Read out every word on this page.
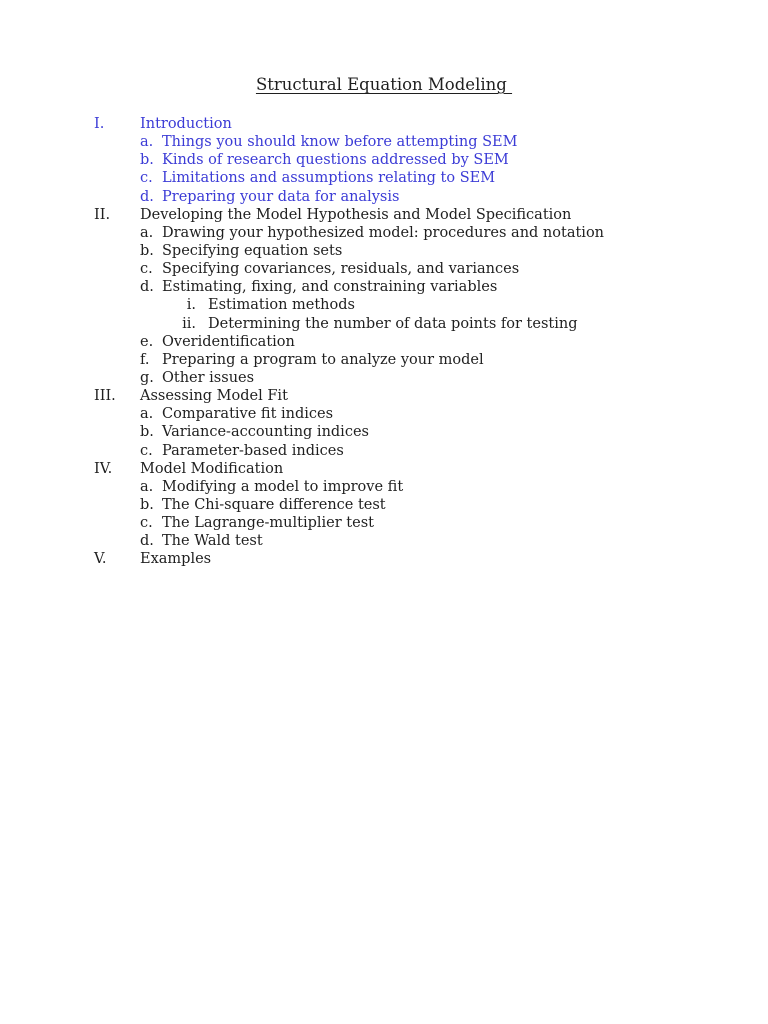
Structural Equation Modeling
I. Introduction
a. Things you should know before attempting SEM
b. Kinds of research questions addressed by SEM
c. Limitations and assumptions relating to SEM
d. Preparing your data for analysis
II. Developing the Model Hypothesis and Model Specification
a. Drawing your hypothesized model: procedures and notation
b. Specifying equation sets
c. Specifying covariances, residuals, and variances
d. Estimating, fixing, and constraining variables
i. Estimation methods
ii. Determining the number of data points for testing
e. Overidentification
f. Preparing a program to analyze your model
g. Other issues
III. Assessing Model Fit
a. Comparative fit indices
b. Variance-accounting indices
c. Parameter-based indices
IV. Model Modification
a. Modifying a model to improve fit
b. The Chi-square difference test
c. The Lagrange-multiplier test
d. The Wald test
V. Examples
